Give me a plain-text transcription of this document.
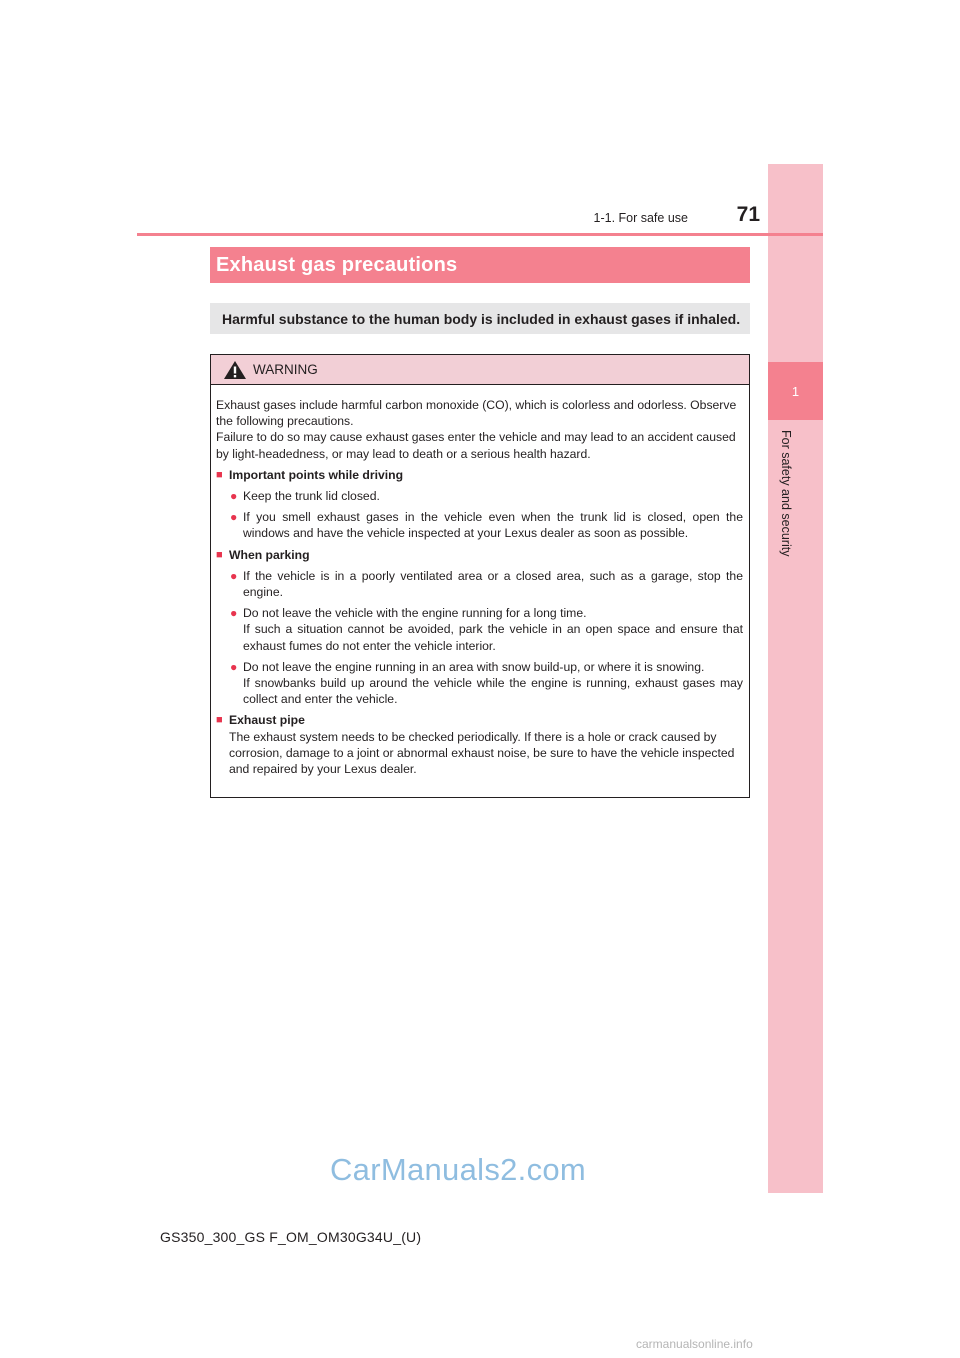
1
For safety and security
1-1. For safe use	71
Exhaust gas precautions
Harmful substance to the human body is included in exhaust gases if inhaled.
WARNING

Exhaust gases include harmful carbon monoxide (CO), which is colorless and odorless. Observe the following precautions.

Failure to do so may cause exhaust gases enter the vehicle and may lead to an accident caused by light-headedness, or may lead to death or a serious health hazard.

■ Important points while driving
● Keep the trunk lid closed.
● If you smell exhaust gases in the vehicle even when the trunk lid is closed, open the windows and have the vehicle inspected at your Lexus dealer as soon as possible.
■ When parking
● If the vehicle is in a poorly ventilated area or a closed area, such as a garage, stop the engine.
● Do not leave the vehicle with the engine running for a long time.
If such a situation cannot be avoided, park the vehicle in an open space and ensure that exhaust fumes do not enter the vehicle interior.
● Do not leave the engine running in an area with snow build-up, or where it is snowing.
If snowbanks build up around the vehicle while the engine is running, exhaust gases may collect and enter the vehicle.
■ Exhaust pipe

The exhaust system needs to be checked periodically. If there is a hole or crack caused by corrosion, damage to a joint or abnormal exhaust noise, be sure to have the vehicle inspected and repaired by your Lexus dealer.

CarManuals2.com
GS350_300_GS F_OM_OM30G34U_(U)
carmanualsonline.info
